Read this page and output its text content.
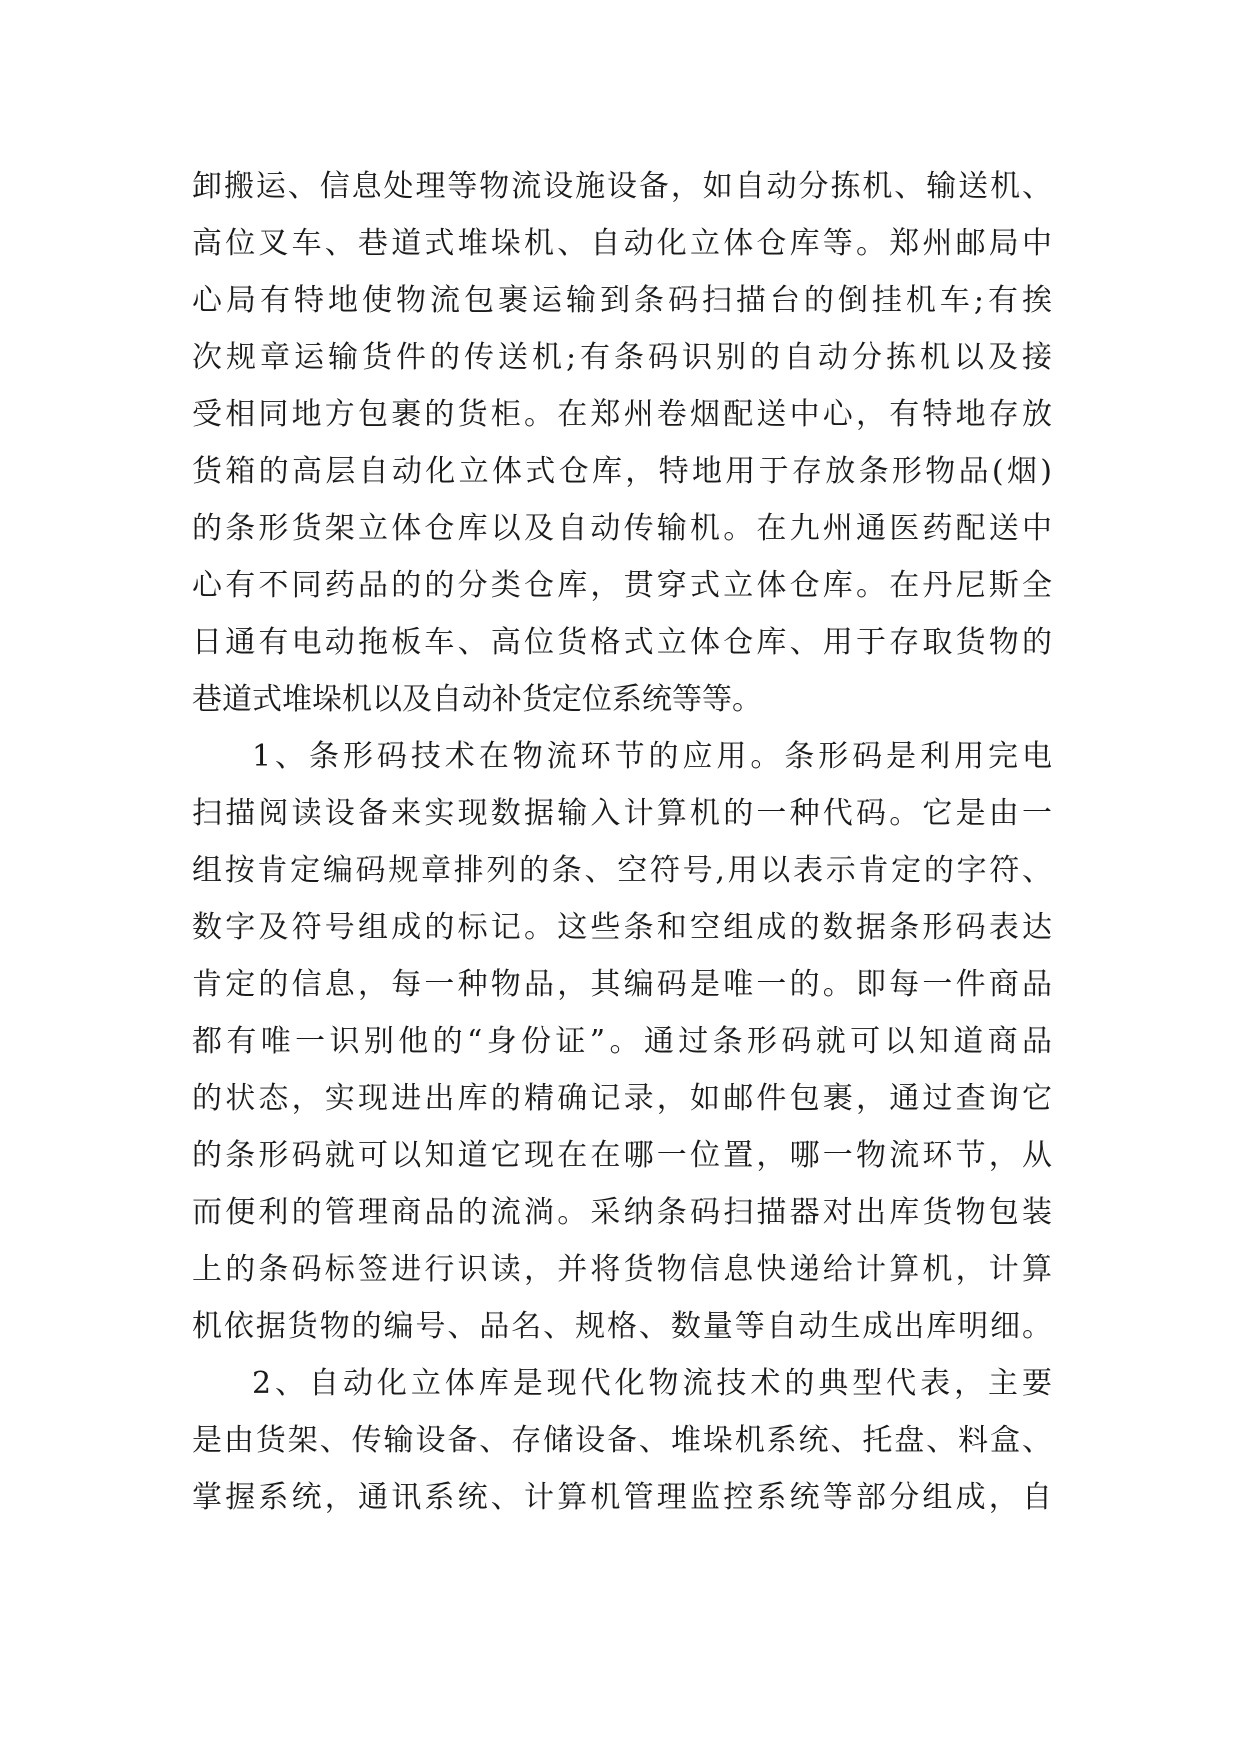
卸搬运、信息处理等物流设施设备，如自动分拣机、输送机、
高位叉车、巷道式堆垛机、自动化立体仓库等。郑州邮局中
心局有特地使物流包裹运输到条码扫描台的倒挂机车;有挨
次规章运输货件的传送机;有条码识别的自动分拣机以及接
受相同地方包裹的货柜。在郑州卷烟配送中心，有特地存放
货箱的高层自动化立体式仓库，特地用于存放条形物品(烟)
的条形货架立体仓库以及自动传输机。在九州通医药配送中
心有不同药品的的分类仓库，贯穿式立体仓库。在丹尼斯全
日通有电动拖板车、高位货格式立体仓库、用于存取货物的
巷道式堆垛机以及自动补货定位系统等等。
1、条形码技术在物流环节的应用。条形码是利用完电
扫描阅读设备来实现数据输入计算机的一种代码。它是由一
组按肯定编码规章排列的条、空符号,用以表示肯定的字符、
数字及符号组成的标记。这些条和空组成的数据条形码表达
肯定的信息，每一种物品，其编码是唯一的。即每一件商品
都有唯一识别他的“身份证”。通过条形码就可以知道商品
的状态，实现进出库的精确记录，如邮件包裹，通过查询它
的条形码就可以知道它现在在哪一位置，哪一物流环节，从
而便利的管理商品的流淌。采纳条码扫描器对出库货物包装
上的条码标签进行识读，并将货物信息快递给计算机，计算
机依据货物的编号、品名、规格、数量等自动生成出库明细。
2、自动化立体库是现代化物流技术的典型代表，主要
是由货架、传输设备、存储设备、堆垛机系统、托盘、料盒、
掌握系统，通讯系统、计算机管理监控系统等部分组成，自
